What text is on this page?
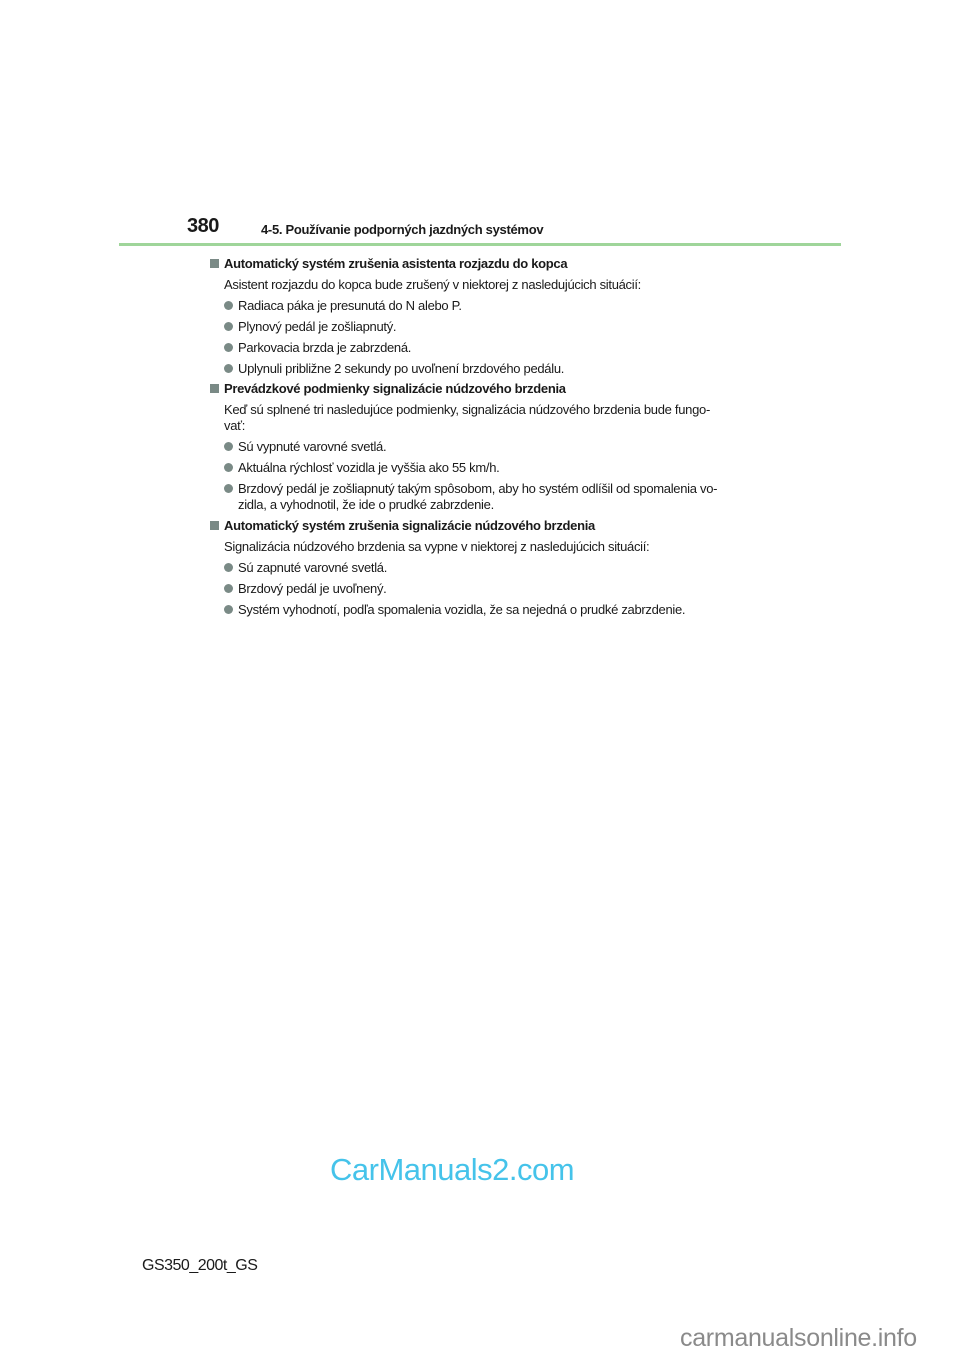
380	4-5. Používanie podporných jazdných systémov
Automatický systém zrušenia asistenta rozjazdu do kopca
Asistent rozjazdu do kopca bude zrušený v niektorej z nasledujúcich situácií:
Radiaca páka je presunutá do N alebo P.
Plynový pedál je zošliapnutý.
Parkovacia brzda je zabrzdená.
Uplynuli približne 2 sekundy po uvoľnení brzdového pedálu.
Prevádzkové podmienky signalizácie núdzového brzdenia
Keď sú splnené tri nasledujúce podmienky, signalizácia núdzového brzdenia bude fungo-
vať:
Sú vypnuté varovné svetlá.
Aktuálna rýchlosť vozidla je vyššia ako 55 km/h.
Brzdový pedál je zošliapnutý takým spôsobom, aby ho systém odlíšil od spomalenia vo-
zidla, a vyhodnotil, že ide o prudké zabrzdenie.
Automatický systém zrušenia signalizácie núdzového brzdenia
Signalizácia núdzového brzdenia sa vypne v niektorej z nasledujúcich situácií:
Sú zapnuté varovné svetlá.
Brzdový pedál je uvoľnený.
Systém vyhodnotí, podľa spomalenia vozidla, že sa nejedná o prudké zabrzdenie.
CarManuals2.com
GS350_200t_GS
carmanualsonline.info
